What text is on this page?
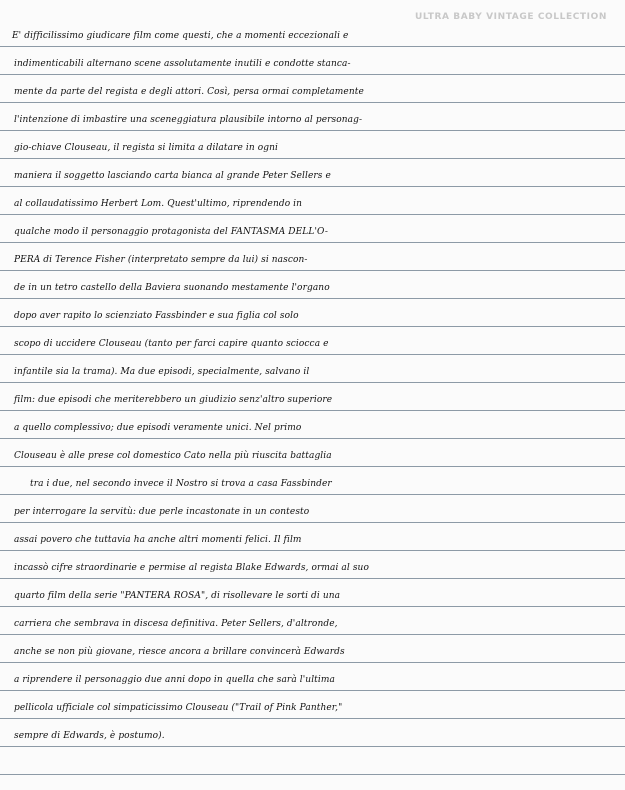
ULTRA BABY VINTAGE COLLECTION
E' difficilissimo giudicare film come questi, che a momenti eccezionali e
indimenticabili alternano scene assolutamente inutili e condotte stanca-
mente da parte del regista e degli attori. Così, persa ormai completamente
l'intenzione di imbastire una sceneggiatura plausibile intorno al personag-
gio-chiave Clouseau, il regista si limita a dilatare in ogni
maniera il soggetto lasciando carta bianca al grande Peter Sellers e
al collaudatissimo Herbert Lom. Quest'ultimo, riprendendo in
qualche modo il personaggio protagonista del FANTASMA DELL'O-
PERA di Terence Fisher (interpretato sempre da lui) si nascon-
de in un tetro castello della Baviera suonando mestamente l'organo
dopo aver rapito lo scienziato Fassbinder e sua figlia col solo
scopo di uccidere Clouseau (tanto per farci capire quanto sciocca e
infantile sia la trama). Ma due episodi, specialmente, salvano il
film: due episodi che meriterebbero un giudizio senz'altro superiore
a quello complessivo; due episodi veramente unici. Nel primo
Clouseau è alle prese col domestico Cato nella più riuscita battaglia
tra i due, nel secondo invece il Nostro si trova a casa Fassbinder
per interrogare la servitù: due perle incastonate in un contesto
assai povero che tuttavia ha anche altri momenti felici. Il film
incassò cifre straordinarie e permise al regista Blake Edwards, ormai al suo
quarto film della serie "PANTERA ROSA", di risollevare le sorti di una
carriera che sembrava in discesa definitiva. Peter Sellers, d'altronde,
anche se non più giovane, riesce ancora a brillare convincerà Edwards
a riprendere il personaggio due anni dopo in quella che sarà l'ultima
pellicola ufficiale col simpaticissimo Clouseau ("Trail of Pink Panther,"
sempre di Edwards, è postumo).
